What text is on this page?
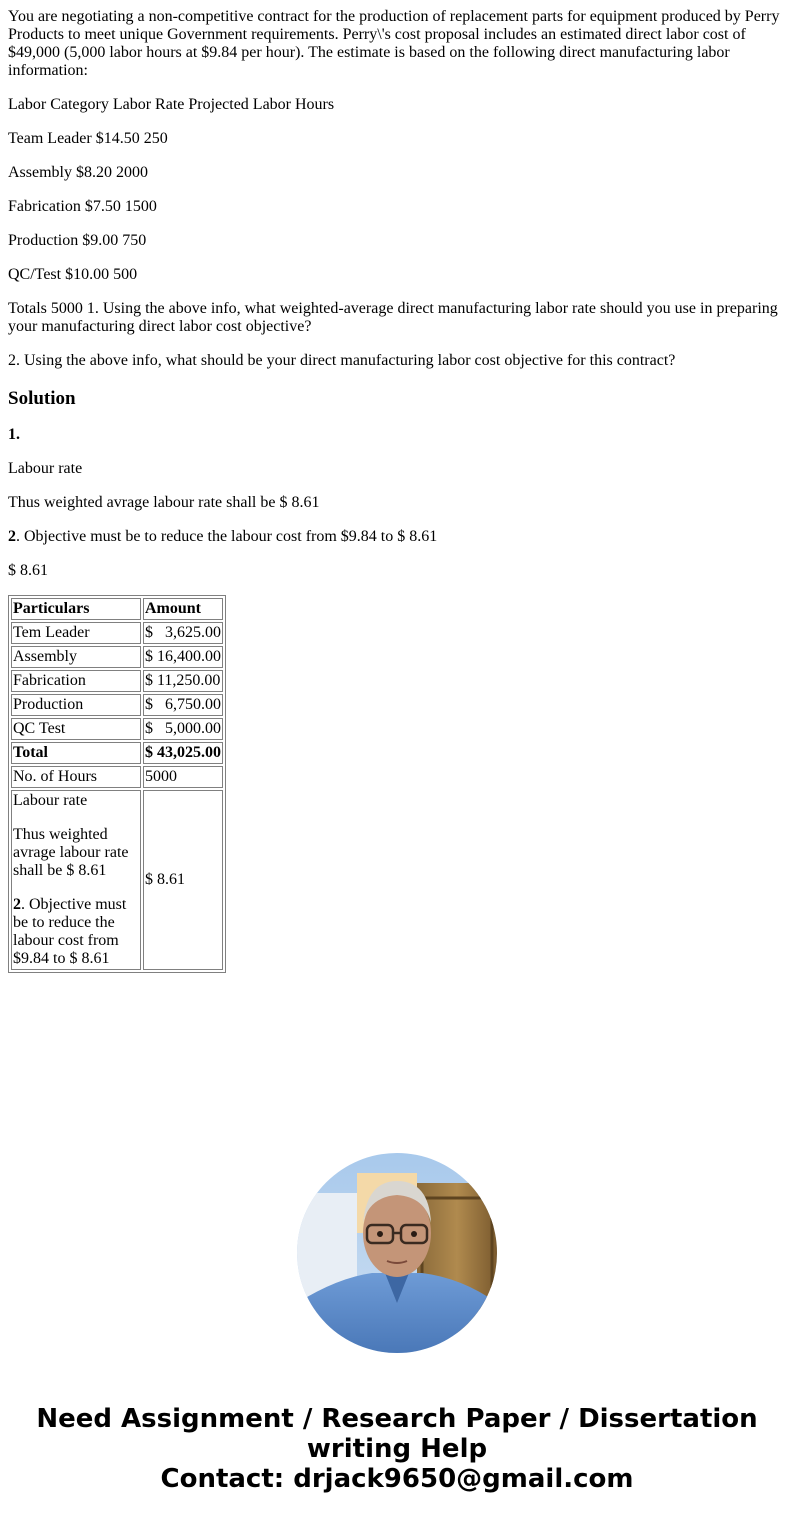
You are negotiating a non-competitive contract for the production of replacement parts for equipment produced by Perry Products to meet unique Government requirements. Perry\'s cost proposal includes an estimated direct labor cost of $49,000 (5,000 labor hours at $9.84 per hour). The estimate is based on the following direct manufacturing labor information:

Labor Category Labor Rate Projected Labor Hours

Team Leader $14.50 250

Assembly $8.20 2000

Fabrication $7.50 1500

Production $9.00 750

QC/Test $10.00 500

Totals 5000 1. Using the above info, what weighted-average direct manufacturing labor rate should you use in preparing your manufacturing direct labor cost objective?

2. Using the above info, what should be your direct manufacturing labor cost objective for this contract?

Solution

1.

Labour rate

Thus weighted avrage labour rate shall be $ 8.61

2. Objective must be to reduce the labour cost from $9.84 to $ 8.61

$ 8.61

Particulars	Amount
Tem Leader	$   3,625.00
Assembly	$ 16,400.00
Fabrication	$ 11,250.00
Production	$   6,750.00
QC Test	$   5,000.00
Total	$ 43,025.00
No. of Hours	5000

Labour rate

Thus weighted avrage labour rate shall be $ 8.61

2. Objective must be to reduce the labour cost from $9.84 to $ 8.61	$ 8.61
Need Assignment / Research Paper / Dissertation
writing Help
Contact: drjack9650@gmail.com
